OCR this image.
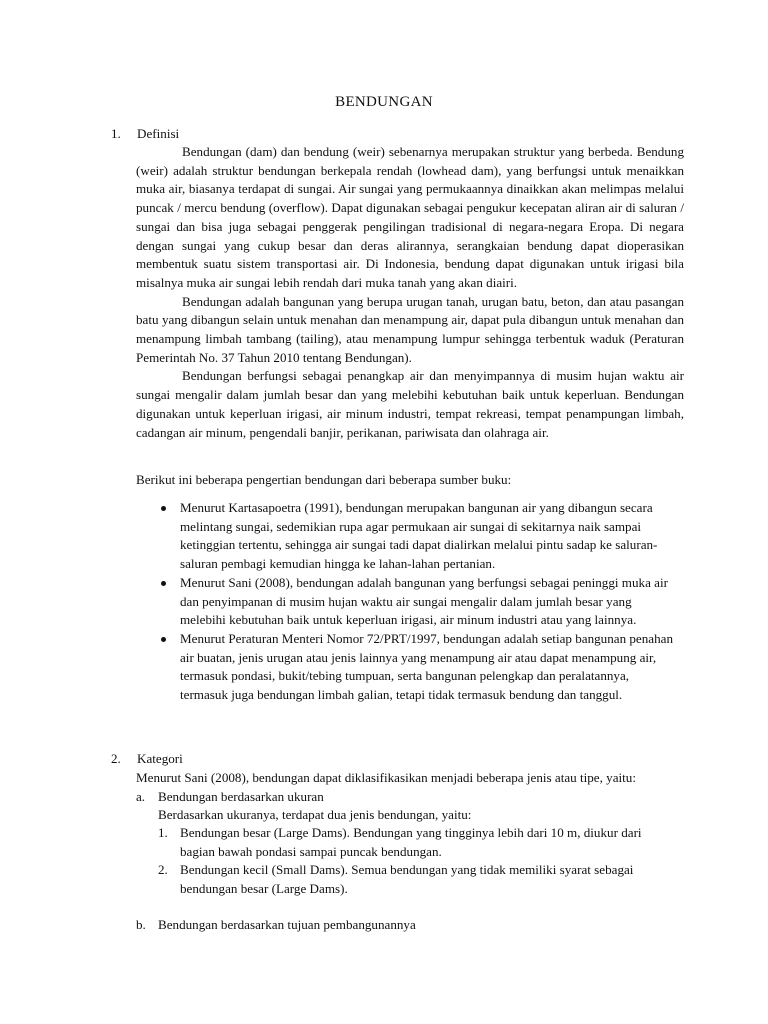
BENDUNGAN
1. Definisi

Bendungan (dam) dan bendung (weir) sebenarnya merupakan struktur yang berbeda. Bendung (weir) adalah struktur bendungan berkepala rendah (lowhead dam), yang berfungsi untuk menaikkan muka air, biasanya terdapat di sungai. Air sungai yang permukaannya dinaikkan akan melimpas melalui puncak / mercu bendung (overflow). Dapat digunakan sebagai pengukur kecepatan aliran air di saluran / sungai dan bisa juga sebagai penggerak pengilingan tradisional di negara-negara Eropa. Di negara dengan sungai yang cukup besar dan deras alirannya, serangkaian bendung dapat dioperasikan membentuk suatu sistem transportasi air. Di Indonesia, bendung dapat digunakan untuk irigasi bila misalnya muka air sungai lebih rendah dari muka tanah yang akan diairi.

Bendungan adalah bangunan yang berupa urugan tanah, urugan batu, beton, dan atau pasangan batu yang dibangun selain untuk menahan dan menampung air, dapat pula dibangun untuk menahan dan menampung limbah tambang (tailing), atau menampung lumpur sehingga terbentuk waduk (Peraturan Pemerintah No. 37 Tahun 2010 tentang Bendungan).

Bendungan berfungsi sebagai penangkap air dan menyimpannya di musim hujan waktu air sungai mengalir dalam jumlah besar dan yang melebihi kebutuhan baik untuk keperluan. Bendungan digunakan untuk keperluan irigasi, air minum industri, tempat rekreasi, tempat penampungan limbah, cadangan air minum, pengendali banjir, perikanan, pariwisata dan olahraga air.

Berikut ini beberapa pengertian bendungan dari beberapa sumber buku:

Menurut Kartasapoetra (1991), bendungan merupakan bangunan air yang dibangun secara melintang sungai, sedemikian rupa agar permukaan air sungai di sekitarnya naik sampai ketinggian tertentu, sehingga air sungai tadi dapat dialirkan melalui pintu sadap ke saluran-saluran pembagi kemudian hingga ke lahan-lahan pertanian.
Menurut Sani (2008), bendungan adalah bangunan yang berfungsi sebagai peninggi muka air dan penyimpanan di musim hujan waktu air sungai mengalir dalam jumlah besar yang melebihi kebutuhan baik untuk keperluan irigasi, air minum industri atau yang lainnya.
Menurut Peraturan Menteri Nomor 72/PRT/1997, bendungan adalah setiap bangunan penahan air buatan, jenis urugan atau jenis lainnya yang menampung air atau dapat menampung air, termasuk pondasi, bukit/tebing tumpuan, serta bangunan pelengkap dan peralatannya, termasuk juga bendungan limbah galian, tetapi tidak termasuk bendung dan tanggul.
2. Kategori
Menurut Sani (2008), bendungan dapat diklasifikasikan menjadi beberapa jenis atau tipe, yaitu:
a. Bendungan berdasarkan ukuran
Berdasarkan ukuranya, terdapat dua jenis bendungan, yaitu:
1. Bendungan besar (Large Dams). Bendungan yang tingginya lebih dari 10 m, diukur dari bagian bawah pondasi sampai puncak bendungan.
2. Bendungan kecil (Small Dams). Semua bendungan yang tidak memiliki syarat sebagai bendungan besar (Large Dams).
b. Bendungan berdasarkan tujuan pembangunannya
